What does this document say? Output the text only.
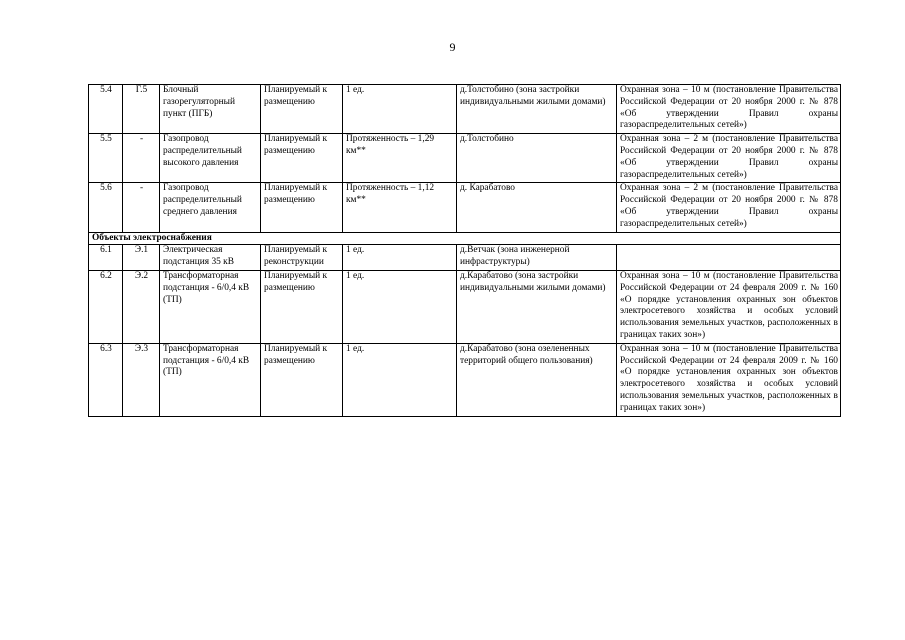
9
5.4	Г.5	Блочный газорегуляторный пункт (ПГБ)	Планируемый к размещению	1 ед.	д.Толстобино (зона застройки индивидуальными жилыми домами)	Охранная зона – 10 м (постановление Правительства Российской Федерации от 20 ноября 2000 г. № 878 «Об утверждении Правил охраны газораспределительных сетей»)
5.5	-	Газопровод распределительный высокого давления	Планируемый к размещению	Протяженность – 1,29 км**	д.Толстобино	Охранная зона – 2 м (постановление Правительства Российской Федерации от 20 ноября 2000 г. № 878 «Об утверждении Правил охраны газораспределительных сетей»)
5.6	-	Газопровод распределительный среднего давления	Планируемый к размещению	Протяженность – 1,12 км**	д. Карабатово	Охранная зона – 2 м (постановление Правительства Российской Федерации от 20 ноября 2000 г. № 878 «Об утверждении Правил охраны газораспределительных сетей»)
Объекты электроснабжения						
6.1	Э.1	Электрическая подстанция 35 кВ	Планируемый к реконструкции	1 ед.	д.Ветчак (зона инженерной инфраструктуры)	
6.2	Э.2	Трансформаторная подстанция - 6/0,4 кВ (ТП)	Планируемый к размещению	1 ед.	д.Карабатово (зона застройки индивидуальными жилыми домами)	Охранная зона – 10 м (постановление Правительства Российской Федерации от 24 февраля 2009 г. № 160 «О порядке установления охранных зон объектов электросетевого хозяйства и особых условий использования земельных участков, расположенных в границах таких зон»)
6.3	Э.3	Трансформаторная подстанция - 6/0,4 кВ (ТП)	Планируемый к размещению	1 ед.	д.Карабатово (зона озелененных территорий общего пользования)	Охранная зона – 10 м (постановление Правительства Российской Федерации от 24 февраля 2009 г. № 160 «О порядке установления охранных зон объектов электросетевого хозяйства и особых условий использования земельных участков, расположенных в границах таких зон»)
